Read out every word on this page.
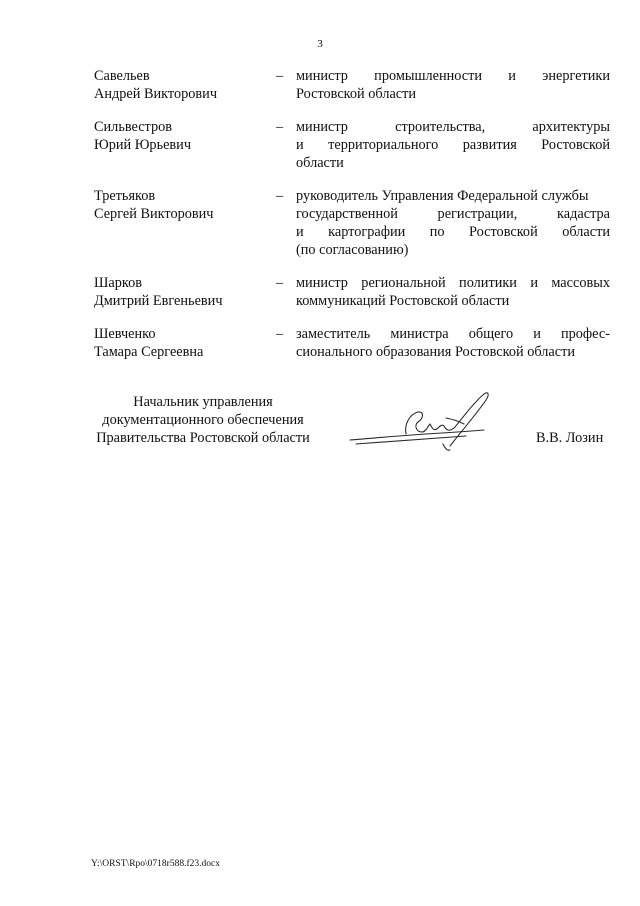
3
Савельев
Андрей Викторович
– министр промышленности и энергетики
Ростовской области
Сильвестров
Юрий Юрьевич
– министр строительства, архитектуры
и территориального развития Ростовской
области
Третьяков
Сергей Викторович
– руководитель Управления Федеральной службы
государственной регистрации, кадастра
и картографии по Ростовской области
(по согласованию)
Шарков
Дмитрий Евгеньевич
– министр региональной политики и массовых
коммуникаций Ростовской области
Шевченко
Тамара Сергеевна
– заместитель министра общего и профес-
сионального образования Ростовской области
Начальник управления
документационного обеспечения
Правительства Ростовской области	В.В. Лозин
Y:\ORST\Rpo\0718r588.f23.docx
